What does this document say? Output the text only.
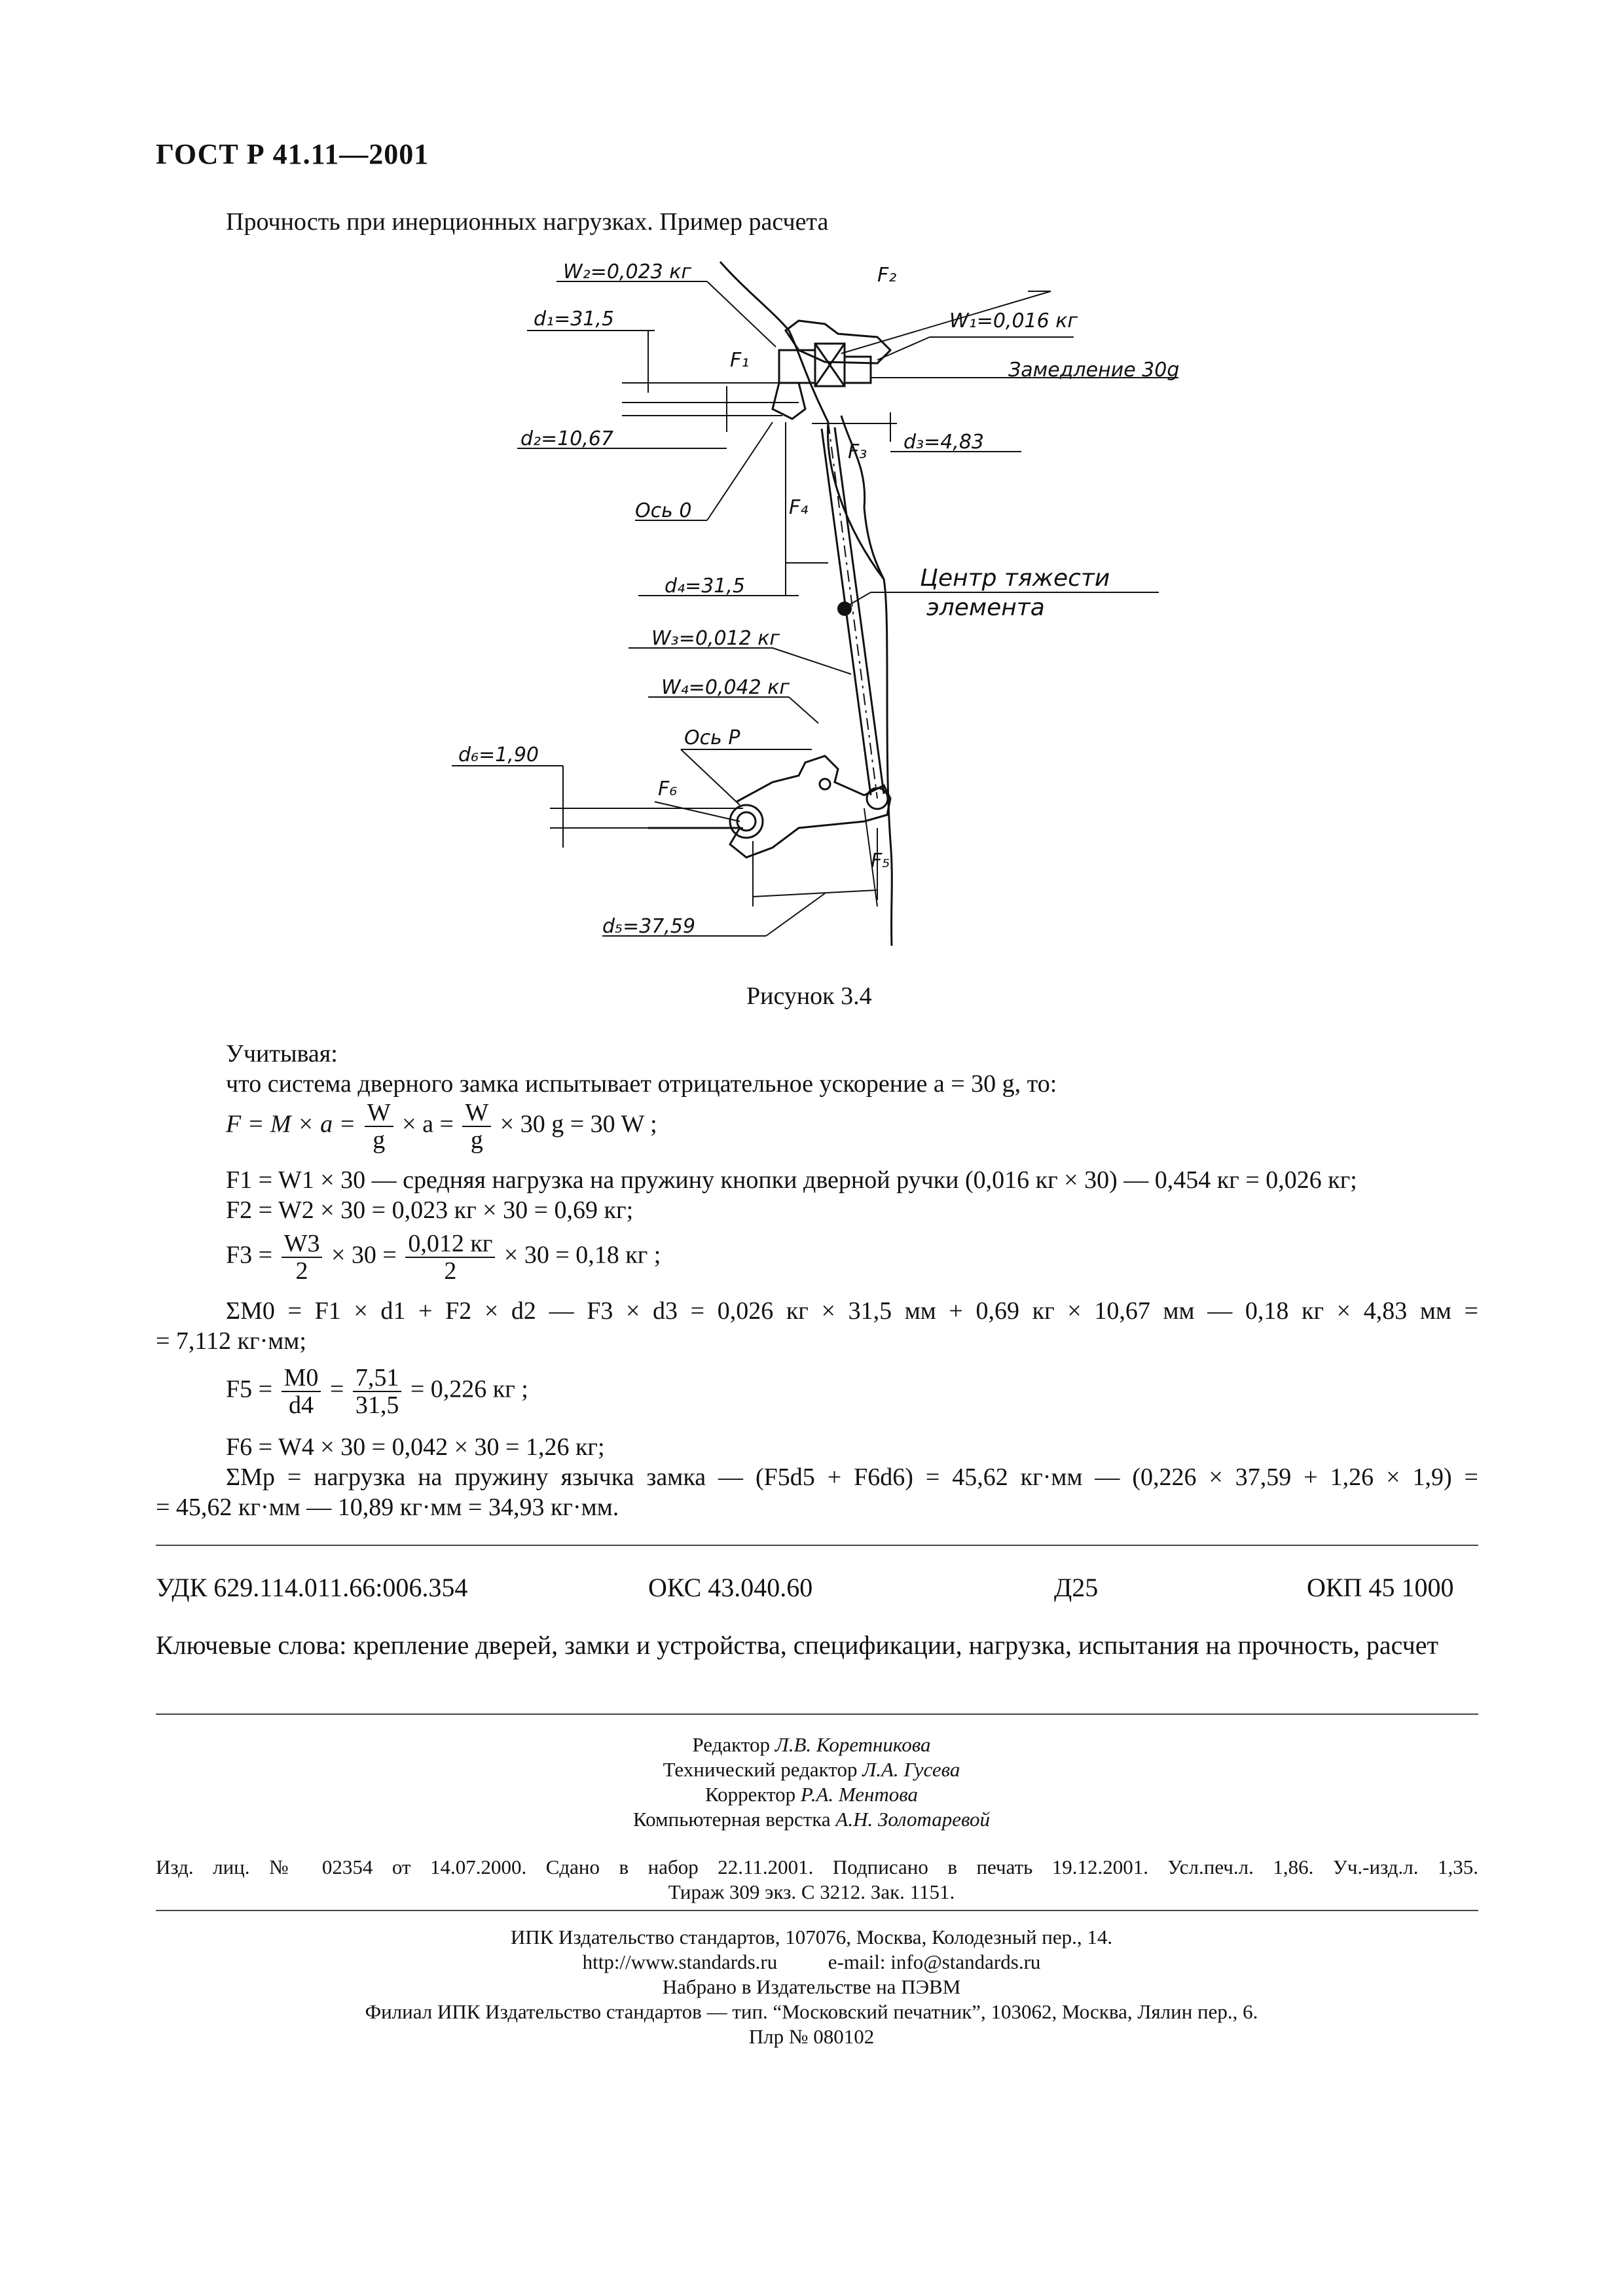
ГОСТ Р 41.11—2001
Прочность при инерционных нагрузках. Пример расчета
W₂=0,023 кг	F₂
W₁=0,016 кг
d₁=31,5
F₁	Замедление 30g
d₂=10,67
F₃ d₃=4,83
Ось 0	F₄
Центр тяжести
элемента
d₄=31,5
W₃=0,012 кг
W₄=0,042 кг
Ось P
d₆=1,90
F₆
F₅
d₅=37,59
Рисунок 3.4
Учитывая:
что система дверного замка испытывает отрицательное ускорение a = 30 g, то:
$F = M \times a = \frac{W}{g} \times a = \frac{W}{g} \times 30$ g = 30 W ;
F1 = W1 × 30 — средняя нагрузка на пружину кнопки дверной ручки (0,016 кг × 30) — 0,454 кг = 0,026 кг;
F2 = W2 × 30 = 0,023 кг × 30 = 0,69 кг;
$F3 = \frac{W3}{2} \times 30 = \frac{0,012 кг}{2} \times 30 = 0,18$ кг ;
ΣM0 = F1 × d1 + F2 × d2 — F3 × d3 = 0,026 кг × 31,5 мм + 0,69 кг × 10,67 мм — 0,18 кг × 4,83 мм =
= 7,112 кг·мм;
$F5 = \frac{M0}{d4} = \frac{7,51}{31,5} = 0,226$ кг ;
F6 = W4 × 30 = 0,042 × 30 = 1,26 кг;
ΣMр = нагрузка на пружину язычка замка — (F5d5 + F6d6) = 45,62 кг·мм — (0,226 × 37,59 + 1,26 × 1,9) =
= 45,62 кг·мм — 10,89 кг·мм = 34,93 кг·мм.
УДК 629.114.011.66:006.354	ОКС 43.040.60	Д25	ОКП 45 1000
Ключевые слова: крепление дверей, замки и устройства, спецификации, нагрузка, испытания на прочность, расчет
Редактор Л.В. Коретникова
Технический редактор Л.А. Гусева
Корректор Р.А. Ментова
Компьютерная верстка А.Н. Золотаревой
Изд. лиц. № 02354 от 14.07.2000. Сдано в набор 22.11.2001. Подписано в печать 19.12.2001. Усл.печ.л. 1,86. Уч.-изд.л. 1,35.
Тираж 309 экз. С 3212. Зак. 1151.
ИПК Издательство стандартов, 107076, Москва, Колодезный пер., 14.
http://www.standards.ru          e-mail: info@standards.ru
Набрано в Издательстве на ПЭВМ
Филиал ИПК Издательство стандартов — тип. “Московский печатник”, 103062, Москва, Лялин пер., 6.
Плр № 080102
